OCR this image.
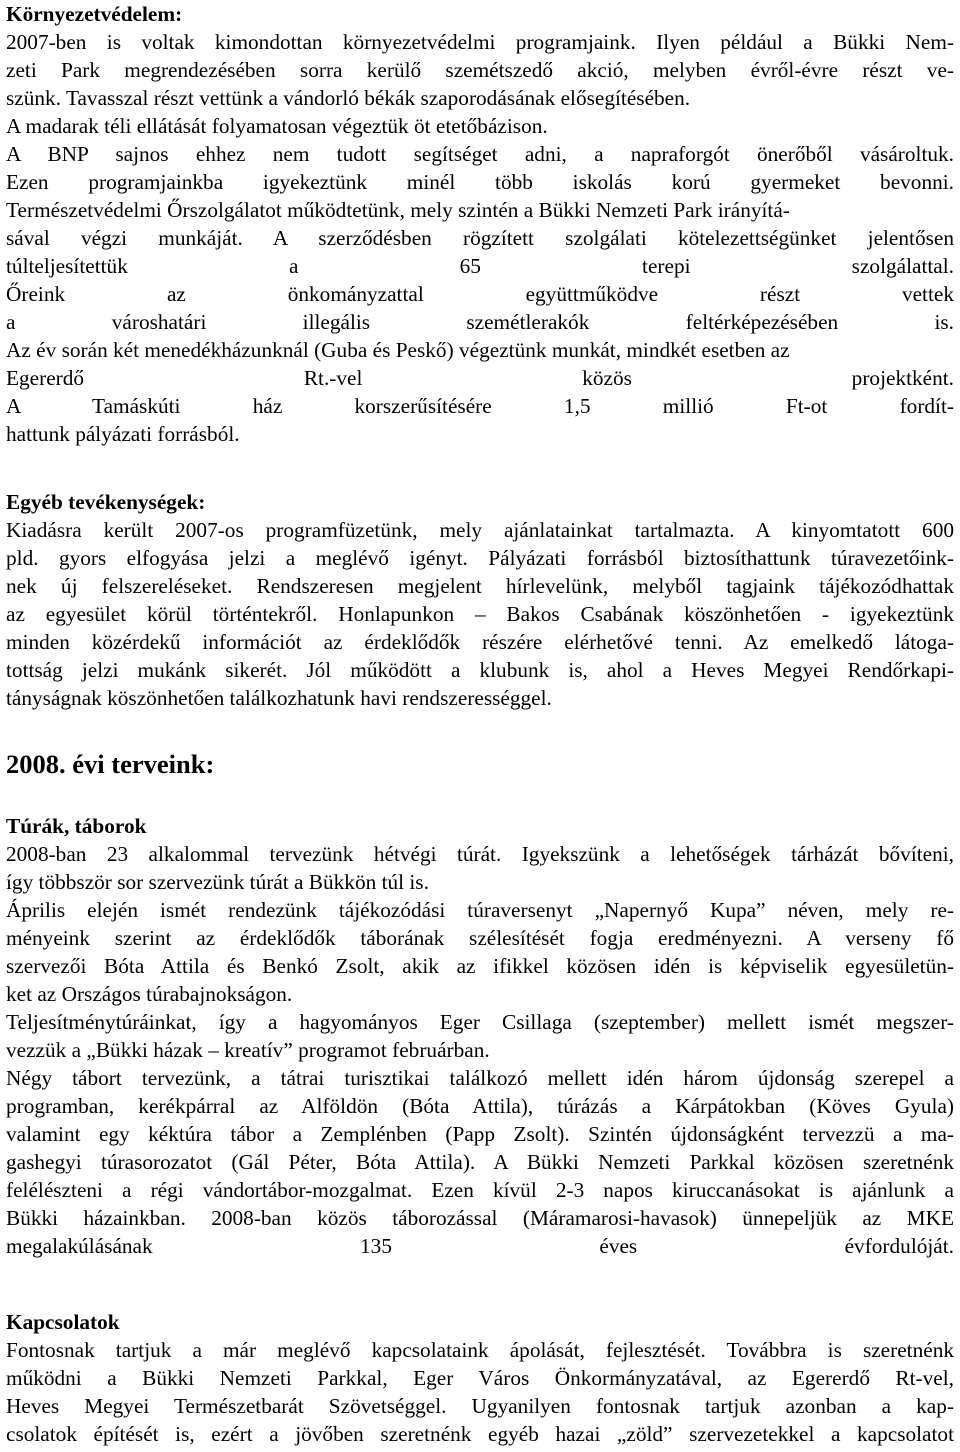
Környezetvédelem:
2007-ben is voltak kimondottan környezetvédelmi programjaink. Ilyen például a Bükki Nem-
zeti Park megrendezésében sorra kerülő szemétszedő akció, melyben évről-évre részt ve-
szünk. Tavasszal részt vettünk a vándorló békák szaporodásának elősegítésében.
A madarak téli ellátását folyamatosan végeztük öt etetőbázison.
A BNP sajnos ehhez nem tudott segítséget adni, a napraforgót önerőből vásároltuk.
Ezen programjainkba igyekeztünk minél több iskolás korú gyermeket bevonni.
Természetvédelmi Őrszolgálatot működtetünk, mely szintén a Bükki Nemzeti Park irányítá-
sával végzi munkáját. A szerződésben rögzített szolgálati kötelezettségünket jelentősen
túlteljesítettük a 65 terepi szolgálattal.
Őreink az önkományzattal együttműködve részt vettek
a városhatári illegális szemétlerakók feltérképezésében is.
Az év során két menedékházunknál (Guba és Peskő) végeztünk munkát, mindkét esetben az
Egererdő Rt.-vel közös projektként.
A Tamáskúti ház korszerűsítésére 1,5 millió Ft-ot fordít-
hattunk pályázati forrásból.
Egyéb tevékenységek:
Kiadásra került 2007-os programfüzetünk, mely ajánlatainkat tartalmazta. A kinyomtatott 600
pld. gyors elfogyása jelzi a meglévő igényt. Pályázati forrásból biztosíthattunk túravezetőink-
nek új felszereléseket. Rendszeresen megjelent hírlevelünk, melyből tagjaink tájékozódhattak
az egyesület körül történtekről. Honlapunkon – Bakos Csabának köszönhetően - igyekeztünk
minden közérdekű információt az érdeklődők részére elérhetővé tenni. Az emelkedő látoga-
tottság jelzi mukánk sikerét. Jól működött a klubunk is, ahol a Heves Megyei Rendőrkapi-
tányságnak köszönhetően találkozhatunk havi rendszerességgel.
2008. évi terveink:
Túrák, táborok
2008-ban 23 alkalommal tervezünk hétvégi túrát. Igyekszünk a lehetőségek tárházát bővíteni,
így többször sor szervezünk túrát a Bükkön túl is.
Április elején ismét rendezünk tájékozódási túraversenyt „Napernyő Kupa” néven, mely re-
ményeink szerint az érdeklődők táborának szélesítését fogja eredményezni. A verseny fő
szervezői Bóta Attila és Benkó Zsolt, akik az ifikkel közösen idén is képviselik egyesületün-
ket az Országos túrabajnokságon.
Teljesítménytúráinkat, így a hagyományos Eger Csillaga (szeptember) mellett ismét megszer-
vezzük a „Bükki házak – kreatív” programot februárban.
Négy tábort tervezünk, a tátrai turisztikai találkozó mellett idén három újdonság szerepel a
programban, kerékpárral az Alföldön (Bóta Attila), túrázás a Kárpátokban (Köves Gyula)
valamint egy kéktúra tábor a Zemplénben (Papp Zsolt). Szintén újdonságként tervezzü a ma-
gashegyi túrasorozatot (Gál Péter, Bóta Attila). A Bükki Nemzeti Parkkal közösen szeretnénk
felélészteni a régi vándortábor-mozgalmat. Ezen kívül 2-3 napos kiruccanásokat is ajánlunk a
Bükki házainkban. 2008-ban közös táborozással (Máramarosi-havasok) ünnepeljük az MKE
megalakúlásának 135 éves évfordulóját.
Kapcsolatok
Fontosnak tartjuk a már meglévő kapcsolataink ápolását, fejlesztését. Továbbra is szeretnénk
működni a Bükki Nemzeti Parkkal, Eger Város Önkormányzatával, az Egererdő Rt-vel,
Heves Megyei Természetbarát Szövetséggel. Ugyanilyen fontosnak tartjuk azonban a kap-
csolatok építését is, ezért a jövőben szeretnénk egyéb hazai „zöld” szervezetekkel a kapcsolatot
